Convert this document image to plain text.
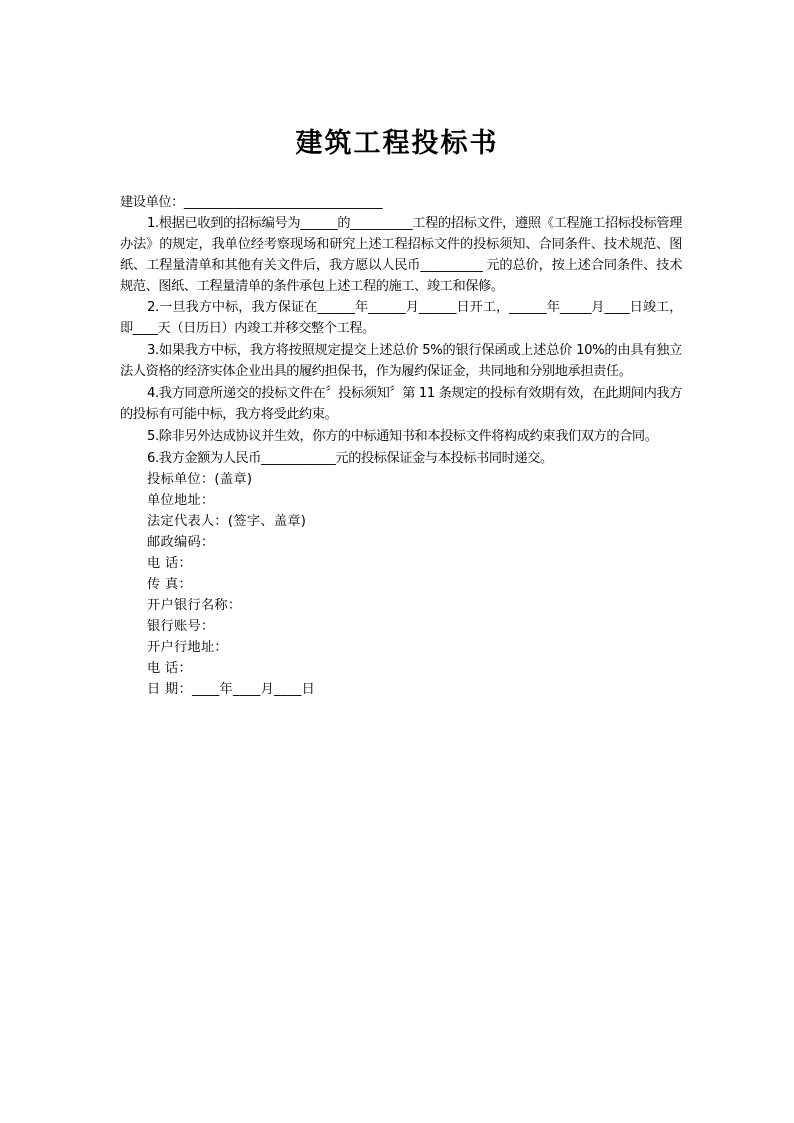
建筑工程投标书

建设单位：________________________________

1.根据已收到的招标编号为______的__________工程的招标文件，遵照《工程施工招标投标管理办法》的规定，我单位经考察现场和研究上述工程招标文件的投标须知、合同条件、技术规范、图纸、工程量清单和其他有关文件后，我方愿以人民币__________ 元的总价，按上述合同条件、技术规范、图纸、工程量清单的条件承包上述工程的施工、竣工和保修。

2.一旦我方中标，我方保证在______年______月______日开工，______年_____月____日竣工，即____天（日历日）内竣工并移交整个工程。

3.如果我方中标，我方将按照规定提交上述总价 5%的银行保函或上述总价 10%的由具有独立法人资格的经济实体企业出具的履约担保书，作为履约保证金，共同地和分别地承担责任。

4.我方同意所递交的投标文件在〞投标须知〞第 11 条规定的投标有效期有效，在此期间内我方的投标有可能中标，我方将受此约束。

5.除非另外达成协议并生效，你方的中标通知书和本投标文件将构成约束我们双方的合同。

6.我方金额为人民币____________元的投标保证金与本投标书同时递交。

投标单位：(盖章)
单位地址：
法定代表人：(签字、盖章)
邮政编码：
电 话：
传 真：
开户银行名称：
银行账号：
开户行地址：
电 话：
日 期：____年____月____日
